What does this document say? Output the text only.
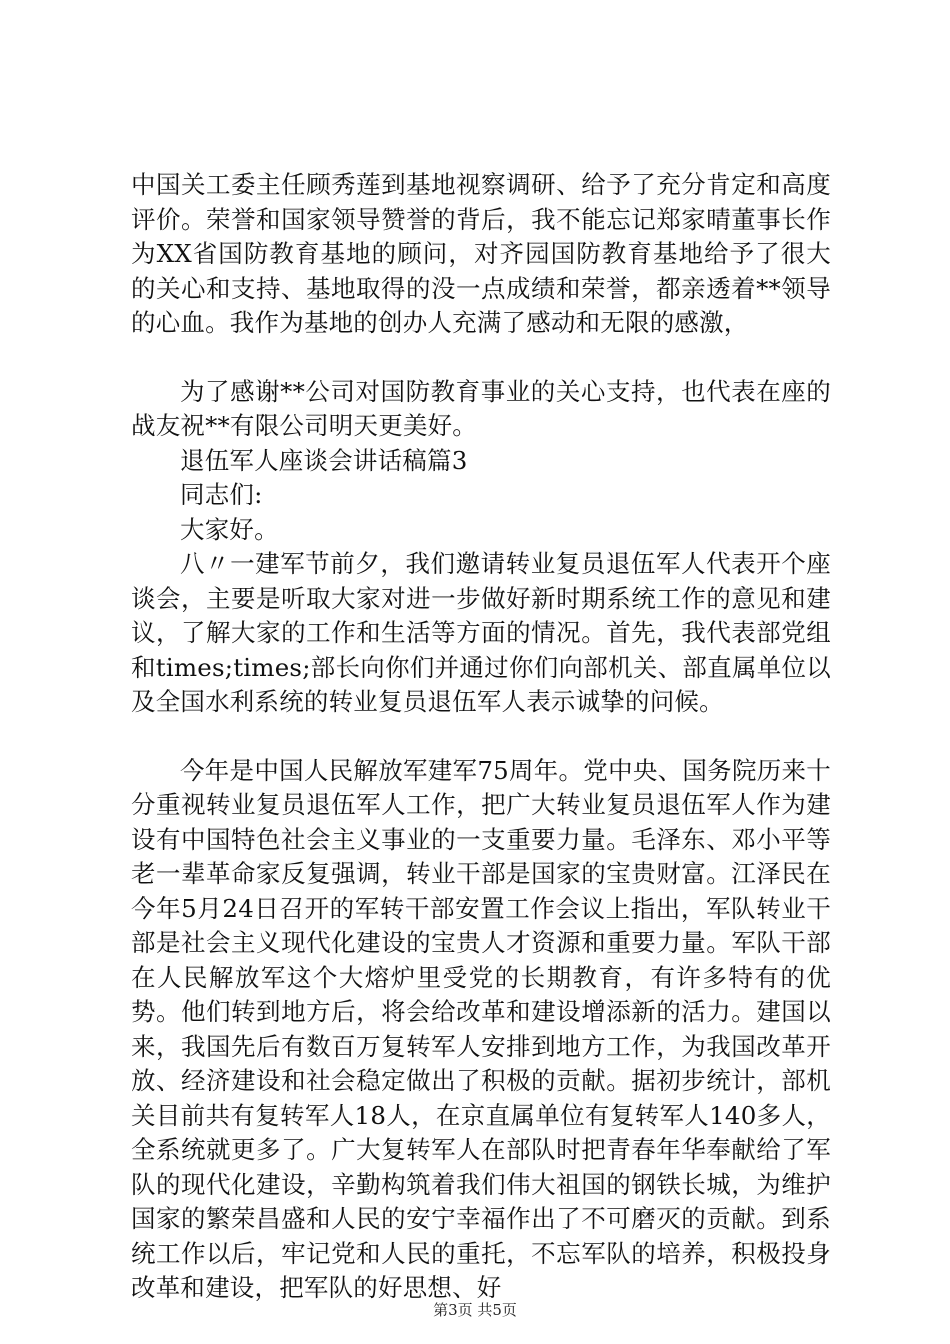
中国关工委主任顾秀莲到基地视察调研、给予了充分肯定和高度评价。荣誉和国家领导赞誉的背后，我不能忘记郑家晴董事长作为XX省国防教育基地的顾问，对齐园国防教育基地给予了很大的关心和支持、基地取得的没一点成绩和荣誉，都亲透着**领导的心血。我作为基地的创办人充满了感动和无限的感激，

为了感谢**公司对国防教育事业的关心支持，也代表在座的战友祝**有限公司明天更美好。

退伍军人座谈会讲话稿篇3

同志们:

大家好。

八〃一建军节前夕，我们邀请转业复员退伍军人代表开个座谈会，主要是听取大家对进一步做好新时期系统工作的意见和建议，了解大家的工作和生活等方面的情况。首先，我代表部党组和times;times;部长向你们并通过你们向部机关、部直属单位以及全国水利系统的转业复员退伍军人表示诚挚的问候。

今年是中国人民解放军建军75周年。党中央、国务院历来十分重视转业复员退伍军人工作，把广大转业复员退伍军人作为建设有中国特色社会主义事业的一支重要力量。毛泽东、邓小平等老一辈革命家反复强调，转业干部是国家的宝贵财富。江泽民在今年5月24日召开的军转干部安置工作会议上指出，军队转业干部是社会主义现代化建设的宝贵人才资源和重要力量。军队干部在人民解放军这个大熔炉里受党的长期教育，有许多特有的优势。他们转到地方后，将会给改革和建设增添新的活力。建国以来，我国先后有数百万复转军人安排到地方工作，为我国改革开放、经济建设和社会稳定做出了积极的贡献。据初步统计，部机关目前共有复转军人18人，在京直属单位有复转军人140多人，全系统就更多了。广大复转军人在部队时把青春年华奉献给了军队的现代化建设，辛勤构筑着我们伟大祖国的钢铁长城，为维护国家的繁荣昌盛和人民的安宁幸福作出了不可磨灭的贡献。到系统工作以后，牢记党和人民的重托，不忘军队的培养，积极投身改革和建设，把军队的好思想、好

第3页 共5页
